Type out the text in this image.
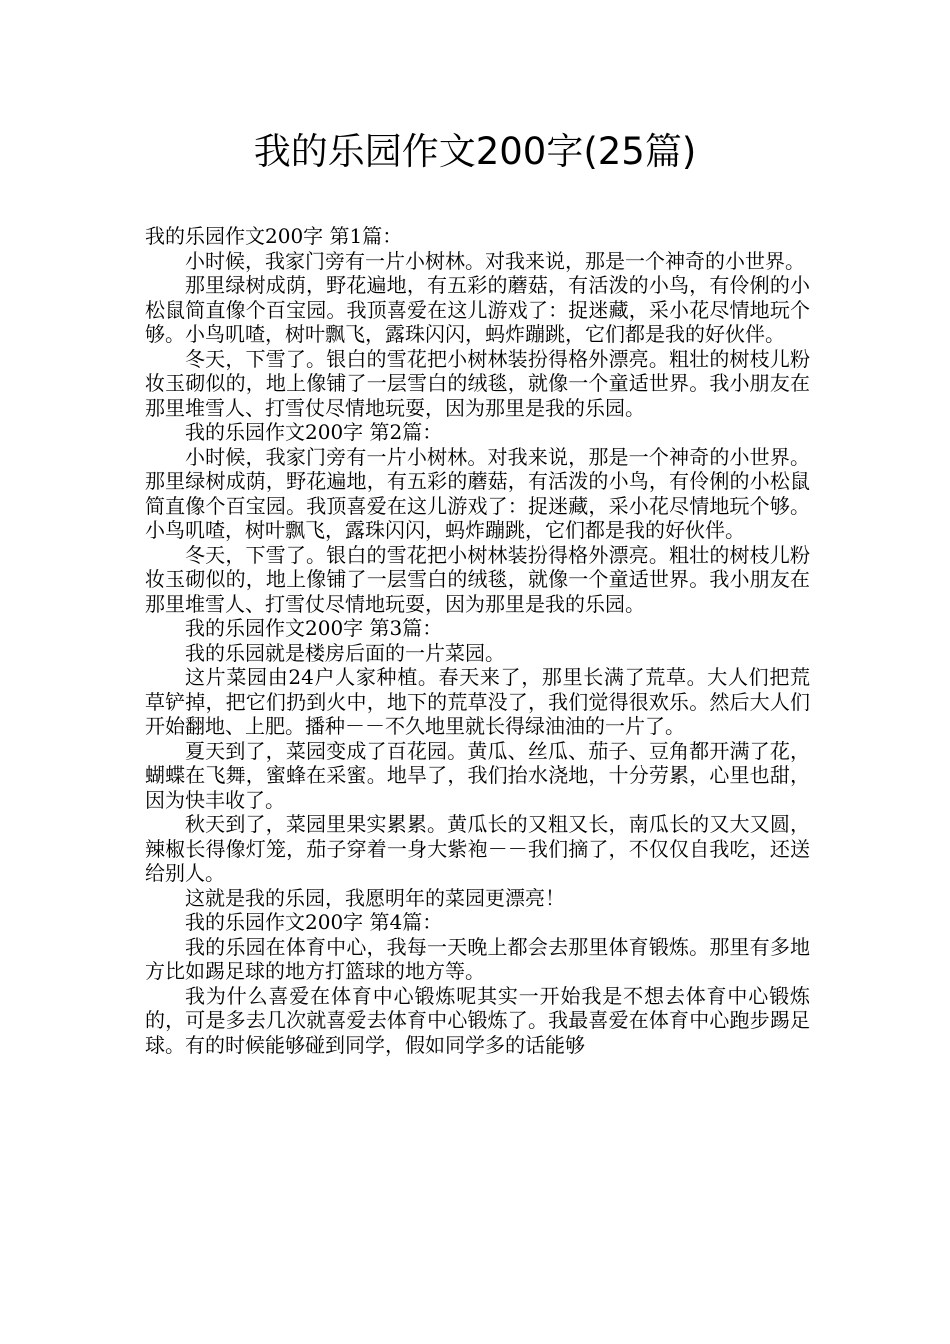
我的乐园作文200字(25篇)

我的乐园作文200字 第1篇：

小时候，我家门旁有一片小树林。对我来说，那是一个神奇的小世界。

那里绿树成荫，野花遍地，有五彩的蘑菇，有活泼的小鸟，有伶俐的小松鼠简直像个百宝园。我顶喜爱在这儿游戏了：捉迷藏，采小花尽情地玩个够。小鸟叽喳，树叶飘飞，露珠闪闪，蚂炸蹦跳，它们都是我的好伙伴。

冬天，下雪了。银白的雪花把小树林装扮得格外漂亮。粗壮的树枝儿粉妆玉砌似的，地上像铺了一层雪白的绒毯，就像一个童适世界。我小朋友在那里堆雪人、打雪仗尽情地玩耍，因为那里是我的乐园。

我的乐园作文200字 第2篇：

小时候，我家门旁有一片小树林。对我来说，那是一个神奇的小世界。那里绿树成荫，野花遍地，有五彩的蘑菇，有活泼的小鸟，有伶俐的小松鼠简直像个百宝园。我顶喜爱在这儿游戏了：捉迷藏，采小花尽情地玩个够。小鸟叽喳，树叶飘飞，露珠闪闪，蚂炸蹦跳，它们都是我的好伙伴。

冬天，下雪了。银白的雪花把小树林装扮得格外漂亮。粗壮的树枝儿粉妆玉砌似的，地上像铺了一层雪白的绒毯，就像一个童适世界。我小朋友在那里堆雪人、打雪仗尽情地玩耍，因为那里是我的乐园。

我的乐园作文200字 第3篇：

我的乐园就是楼房后面的一片菜园。

这片菜园由24户人家种植。春天来了，那里长满了荒草。大人们把荒草铲掉，把它们扔到火中，地下的荒草没了，我们觉得很欢乐。然后大人们开始翻地、上肥。播种－－不久地里就长得绿油油的一片了。

夏天到了，菜园变成了百花园。黄瓜、丝瓜、茄子、豆角都开满了花，蝴蝶在飞舞，蜜蜂在采蜜。地旱了，我们抬水浇地，十分劳累，心里也甜，因为快丰收了。

秋天到了，菜园里果实累累。黄瓜长的又粗又长，南瓜长的又大又圆，辣椒长得像灯笼，茄子穿着一身大紫袍－－我们摘了，不仅仅自我吃，还送给别人。

这就是我的乐园，我愿明年的菜园更漂亮！

我的乐园作文200字 第4篇：

我的乐园在体育中心，我每一天晚上都会去那里体育锻炼。那里有多地方比如踢足球的地方打篮球的地方等。

我为什么喜爱在体育中心锻炼呢其实一开始我是不想去体育中心锻炼的，可是多去几次就喜爱去体育中心锻炼了。我最喜爱在体育中心跑步踢足球。有的时候能够碰到同学，假如同学多的话能够
